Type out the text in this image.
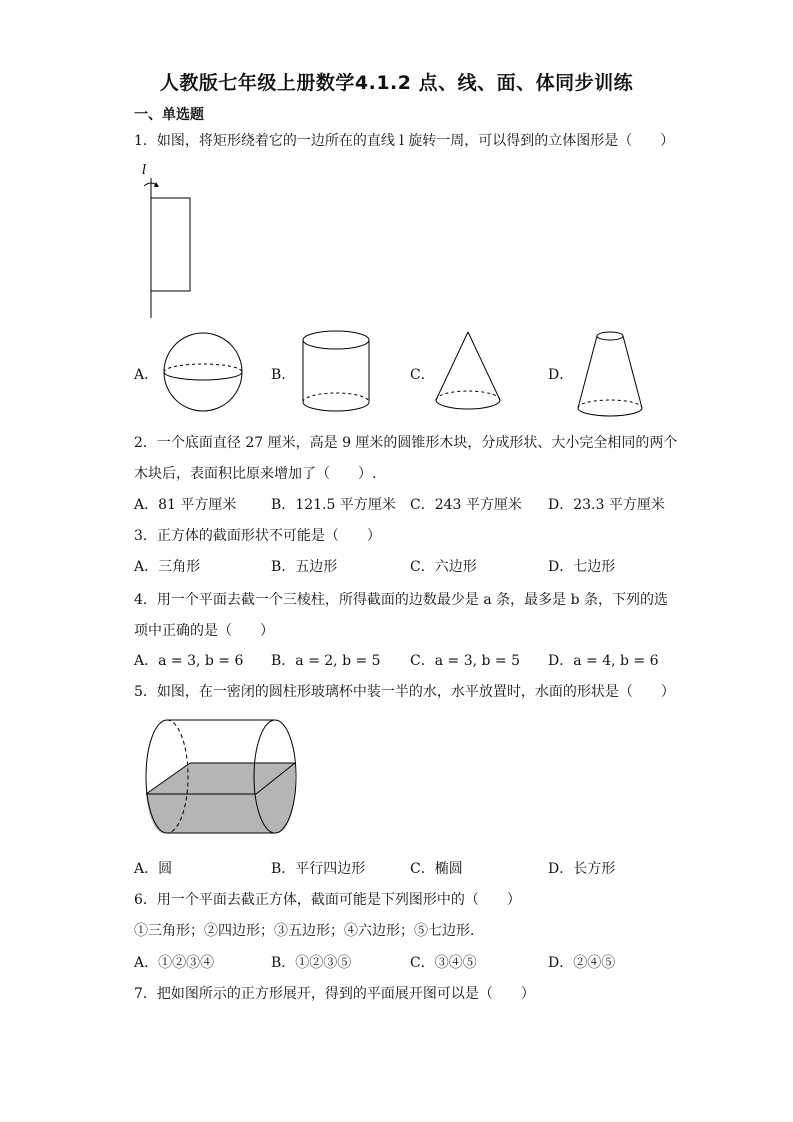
人教版七年级上册数学4.1.2 点、线、面、体同步训练
一、单选题
1．如图，将矩形绕着它的一边所在的直线 l 旋转一周，可以得到的立体图形是（　　）
l
A．	B．	C．	D．
2．一个底面直径 27 厘米，高是 9 厘米的圆锥形木块，分成形状、大小完全相同的两个
木块后，表面积比原来增加了（　　）.
A．81 平方厘米 B．121.5 平方厘米 C．243 平方厘米 D．23.3 平方厘米
3．正方体的截面形状不可能是（　　）
A．三角形	B．五边形	C．六边形	D．七边形
4．用一个平面去截一个三棱柱，所得截面的边数最少是 a 条，最多是 b 条，下列的选
项中正确的是（　　）
A．a = 3, b = 6 B．a = 2, b = 5 C．a = 3, b = 5 D．a = 4, b = 6
5．如图，在一密闭的圆柱形玻璃杯中装一半的水，水平放置时，水面的形状是（　　）
A．圆	B．平行四边形	C．椭圆	D．长方形
6．用一个平面去截正方体，截面可能是下列图形中的（　　）
①三角形；②四边形；③五边形；④六边形；⑤七边形．
A．①②③④	B．①②③⑤	C．③④⑤	D．②④⑤
7．把如图所示的正方形展开，得到的平面展开图可以是（　　）
